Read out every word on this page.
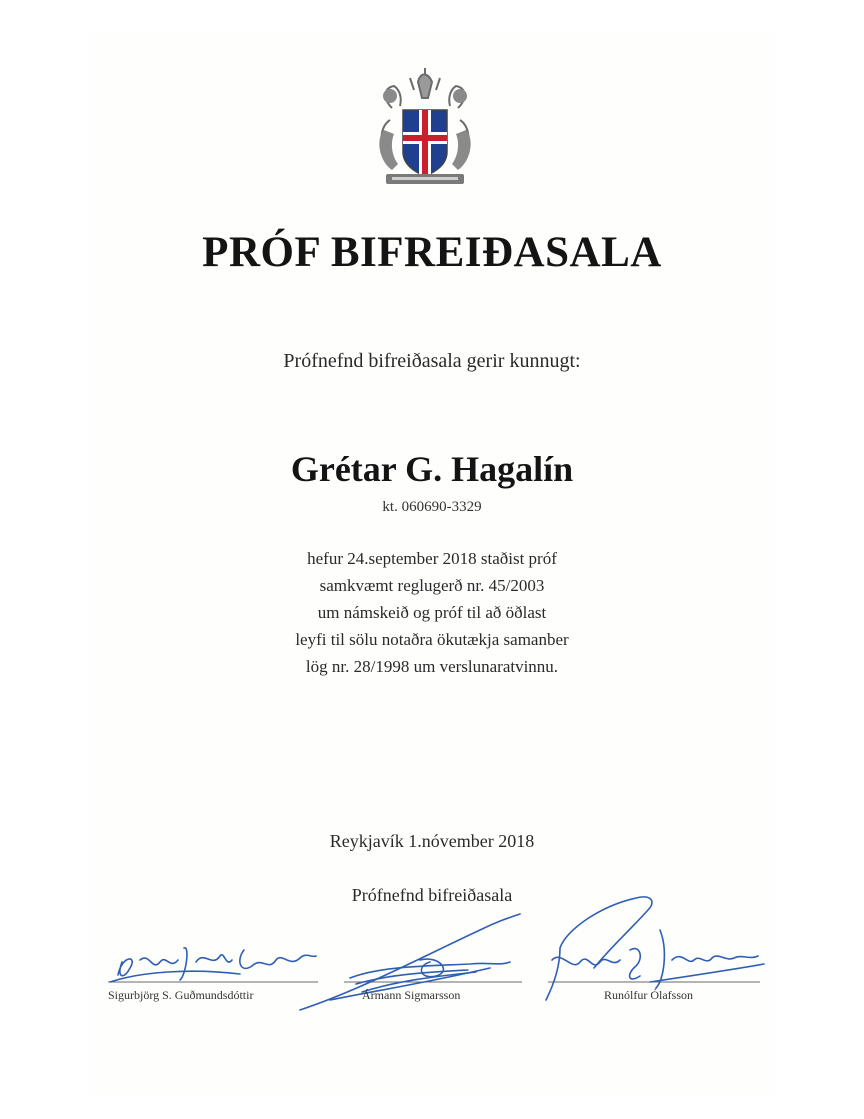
PRÓF BIFREIÐASALA
Prófnefnd bifreiðasala gerir kunnugt:
Grétar G. Hagalín
kt. 060690-3329
hefur 24.september 2018 staðist próf
samkvæmt reglugerð nr. 45/2003
um námskeið og próf til að öðlast
leyfi til sölu notaðra ökutækja samanber
lög nr. 28/1998 um verslunaratvinnu.
Reykjavík 1.nóvember 2018
Prófnefnd bifreiðasala
Sigurbjörg S. Guðmundsdóttir	Ármann Sigmarsson	Runólfur Ólafsson
